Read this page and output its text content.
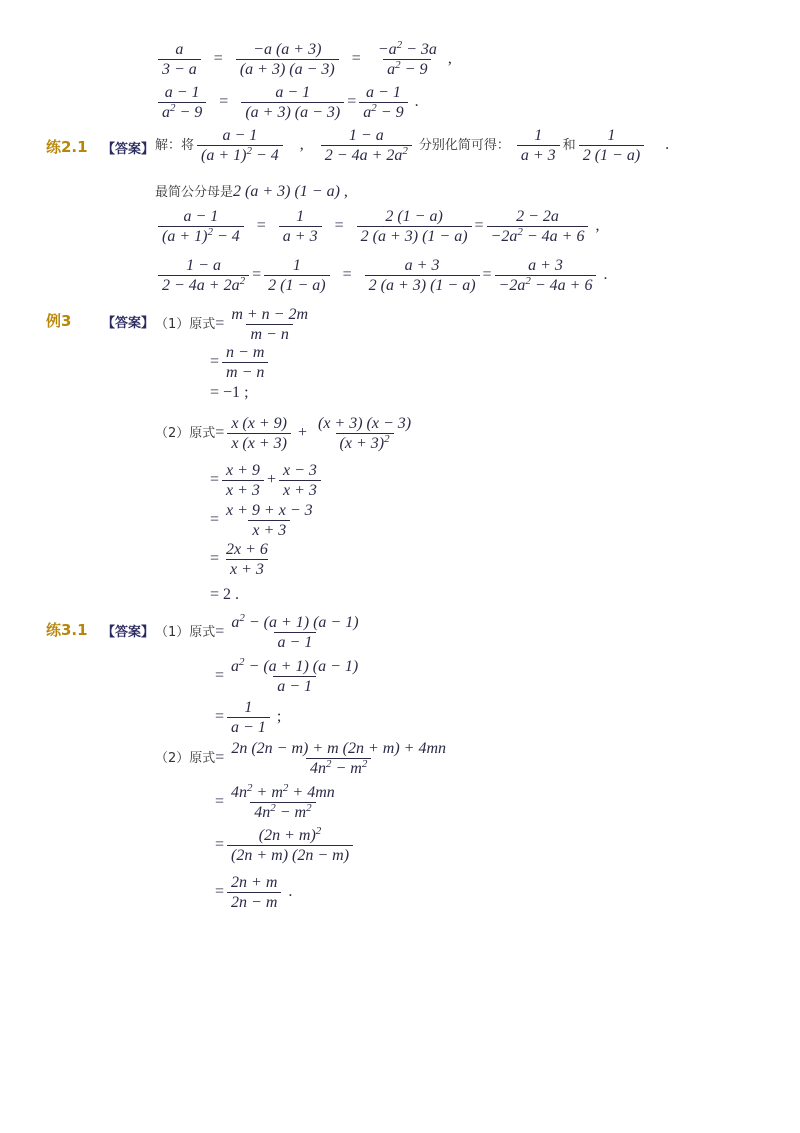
$\frac{a}{3 - a} = \frac{-a (a + 3)}{(a + 3) (a - 3)} = \frac{-a^2 - 3a}{a^2 - 9}$ ,
$\frac{a - 1}{a^2 - 9} = \frac{a - 1}{(a + 3) (a - 3)} = \frac{a - 1}{a^2 - 9}$ .
练2.1 【答案】 解：将 $\frac{a - 1}{(a + 1)^2 - 4}$ , $\frac{1 - a}{2 - 4a + 2a^2}$ 分别化简可得： $\frac{1}{a + 3}$ 和 $\frac{1}{2 (1 - a)}$ .
最简公分母是2 (a + 3) (1 − a) ,
$\frac{a - 1}{(a + 1)^2 - 4} = \frac{1}{a + 3} = \frac{2 (1 - a)}{2 (a + 3) (1 - a)} = \frac{2 - 2a}{-2a^2 - 4a + 6}$ ,
$\frac{1 - a}{2 - 4a + 2a^2} = \frac{1}{2 (1 - a)} = \frac{a + 3}{2 (a + 3) (1 - a)} = \frac{a + 3}{-2a^2 - 4a + 6}$ .
例3 【答案】 （1）原式= $\frac{m + n - 2m}{m - n}$
= $\frac{n - m}{m - n}$
= −1 ;
（2）原式= $\frac{x (x + 9)}{x (x + 3)} + \frac{(x + 3) (x - 3)}{(x + 3)^2}$
= $\frac{x + 9}{x + 3} + \frac{x - 3}{x + 3}$
= $\frac{x + 9 + x - 3}{x + 3}$
= $\frac{2x + 6}{x + 3}$
= 2 .
练3.1 【答案】 （1）原式= $\frac{a^2 - (a + 1) (a - 1)}{a - 1}$
= $\frac{a^2 - (a + 1) (a - 1)}{a - 1}$
= $\frac{1}{a - 1}$ ;
（2）原式= $\frac{2n (2n - m) + m (2n + m) + 4mn}{4n^2 - m^2}$
= $\frac{4n^2 + m^2 + 4mn}{4n^2 - m^2}$
= $\frac{(2n + m)^2}{(2n + m) (2n - m)}$
= $\frac{2n + m}{2n - m}$ .
